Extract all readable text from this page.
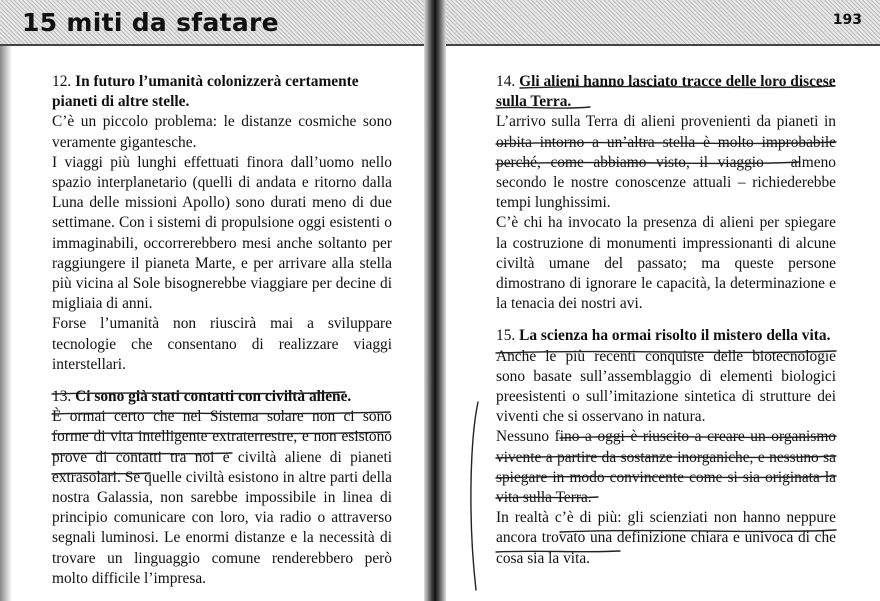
15 miti da sfatare	193
12. In futuro l’umanità colonizzerà certamente pianeti di altre stelle.

C’è un piccolo problema: le distanze cosmiche sono veramente gigantesche.

I viaggi più lunghi effettuati finora dall’uomo nello spazio interplanetario (quelli di andata e ritorno dalla Luna delle missioni Apollo) sono durati meno di due settimane. Con i sistemi di propulsione oggi esistenti o immaginabili, occorrerebbero mesi anche soltanto per raggiungere il pianeta Marte, e per arrivare alla stella più vicina al Sole bisognerebbe viaggiare per decine di migliaia di anni.

Forse l’umanità non riuscirà mai a sviluppare tecnologie che consentano di realizzare viaggi interstellari.

13. Ci sono già stati contatti con civiltà aliene.

È ormai certo che nel Sistema solare non ci sono forme di vita intelligente extraterrestre, e non esistono prove di contatti tra noi e civiltà aliene di pianeti extrasolari. Se quelle civiltà esistono in altre parti della nostra Galassia, non sarebbe impossibile in linea di principio comunicare con loro, via radio o attraverso segnali luminosi. Le enormi distanze e la necessità di trovare un linguaggio comune renderebbero però molto difficile l’impresa.

14. Gli alieni hanno lasciato tracce delle loro discese sulla Terra.

L’arrivo sulla Terra di alieni provenienti da pianeti in orbita intorno a un’altra stella è molto improbabile perché, come abbiamo visto, il viaggio – almeno secondo le nostre conoscenze attuali – richiederebbe tempi lunghissimi.

C’è chi ha invocato la presenza di alieni per spiegare la costruzione di monumenti impressionanti di alcune civiltà umane del passato; ma queste persone dimostrano di ignorare le capacità, la determinazione e la tenacia dei nostri avi.

15. La scienza ha ormai risolto il mistero della vita.

Anche le più recenti conquiste delle biotecnologie sono basate sull’assemblaggio di elementi biologici preesistenti o sull’imitazione sintetica di strutture dei viventi che si osservano in natura.

Nessuno fino a oggi è riuscito a creare un organismo vivente a partire da sostanze inorganiche, e nessuno sa spiegare in modo convincente come si sia originata la vita sulla Terra.

In realtà c’è di più: gli scienziati non hanno neppure ancora trovato una definizione chiara e univoca di che cosa sia la vita.
